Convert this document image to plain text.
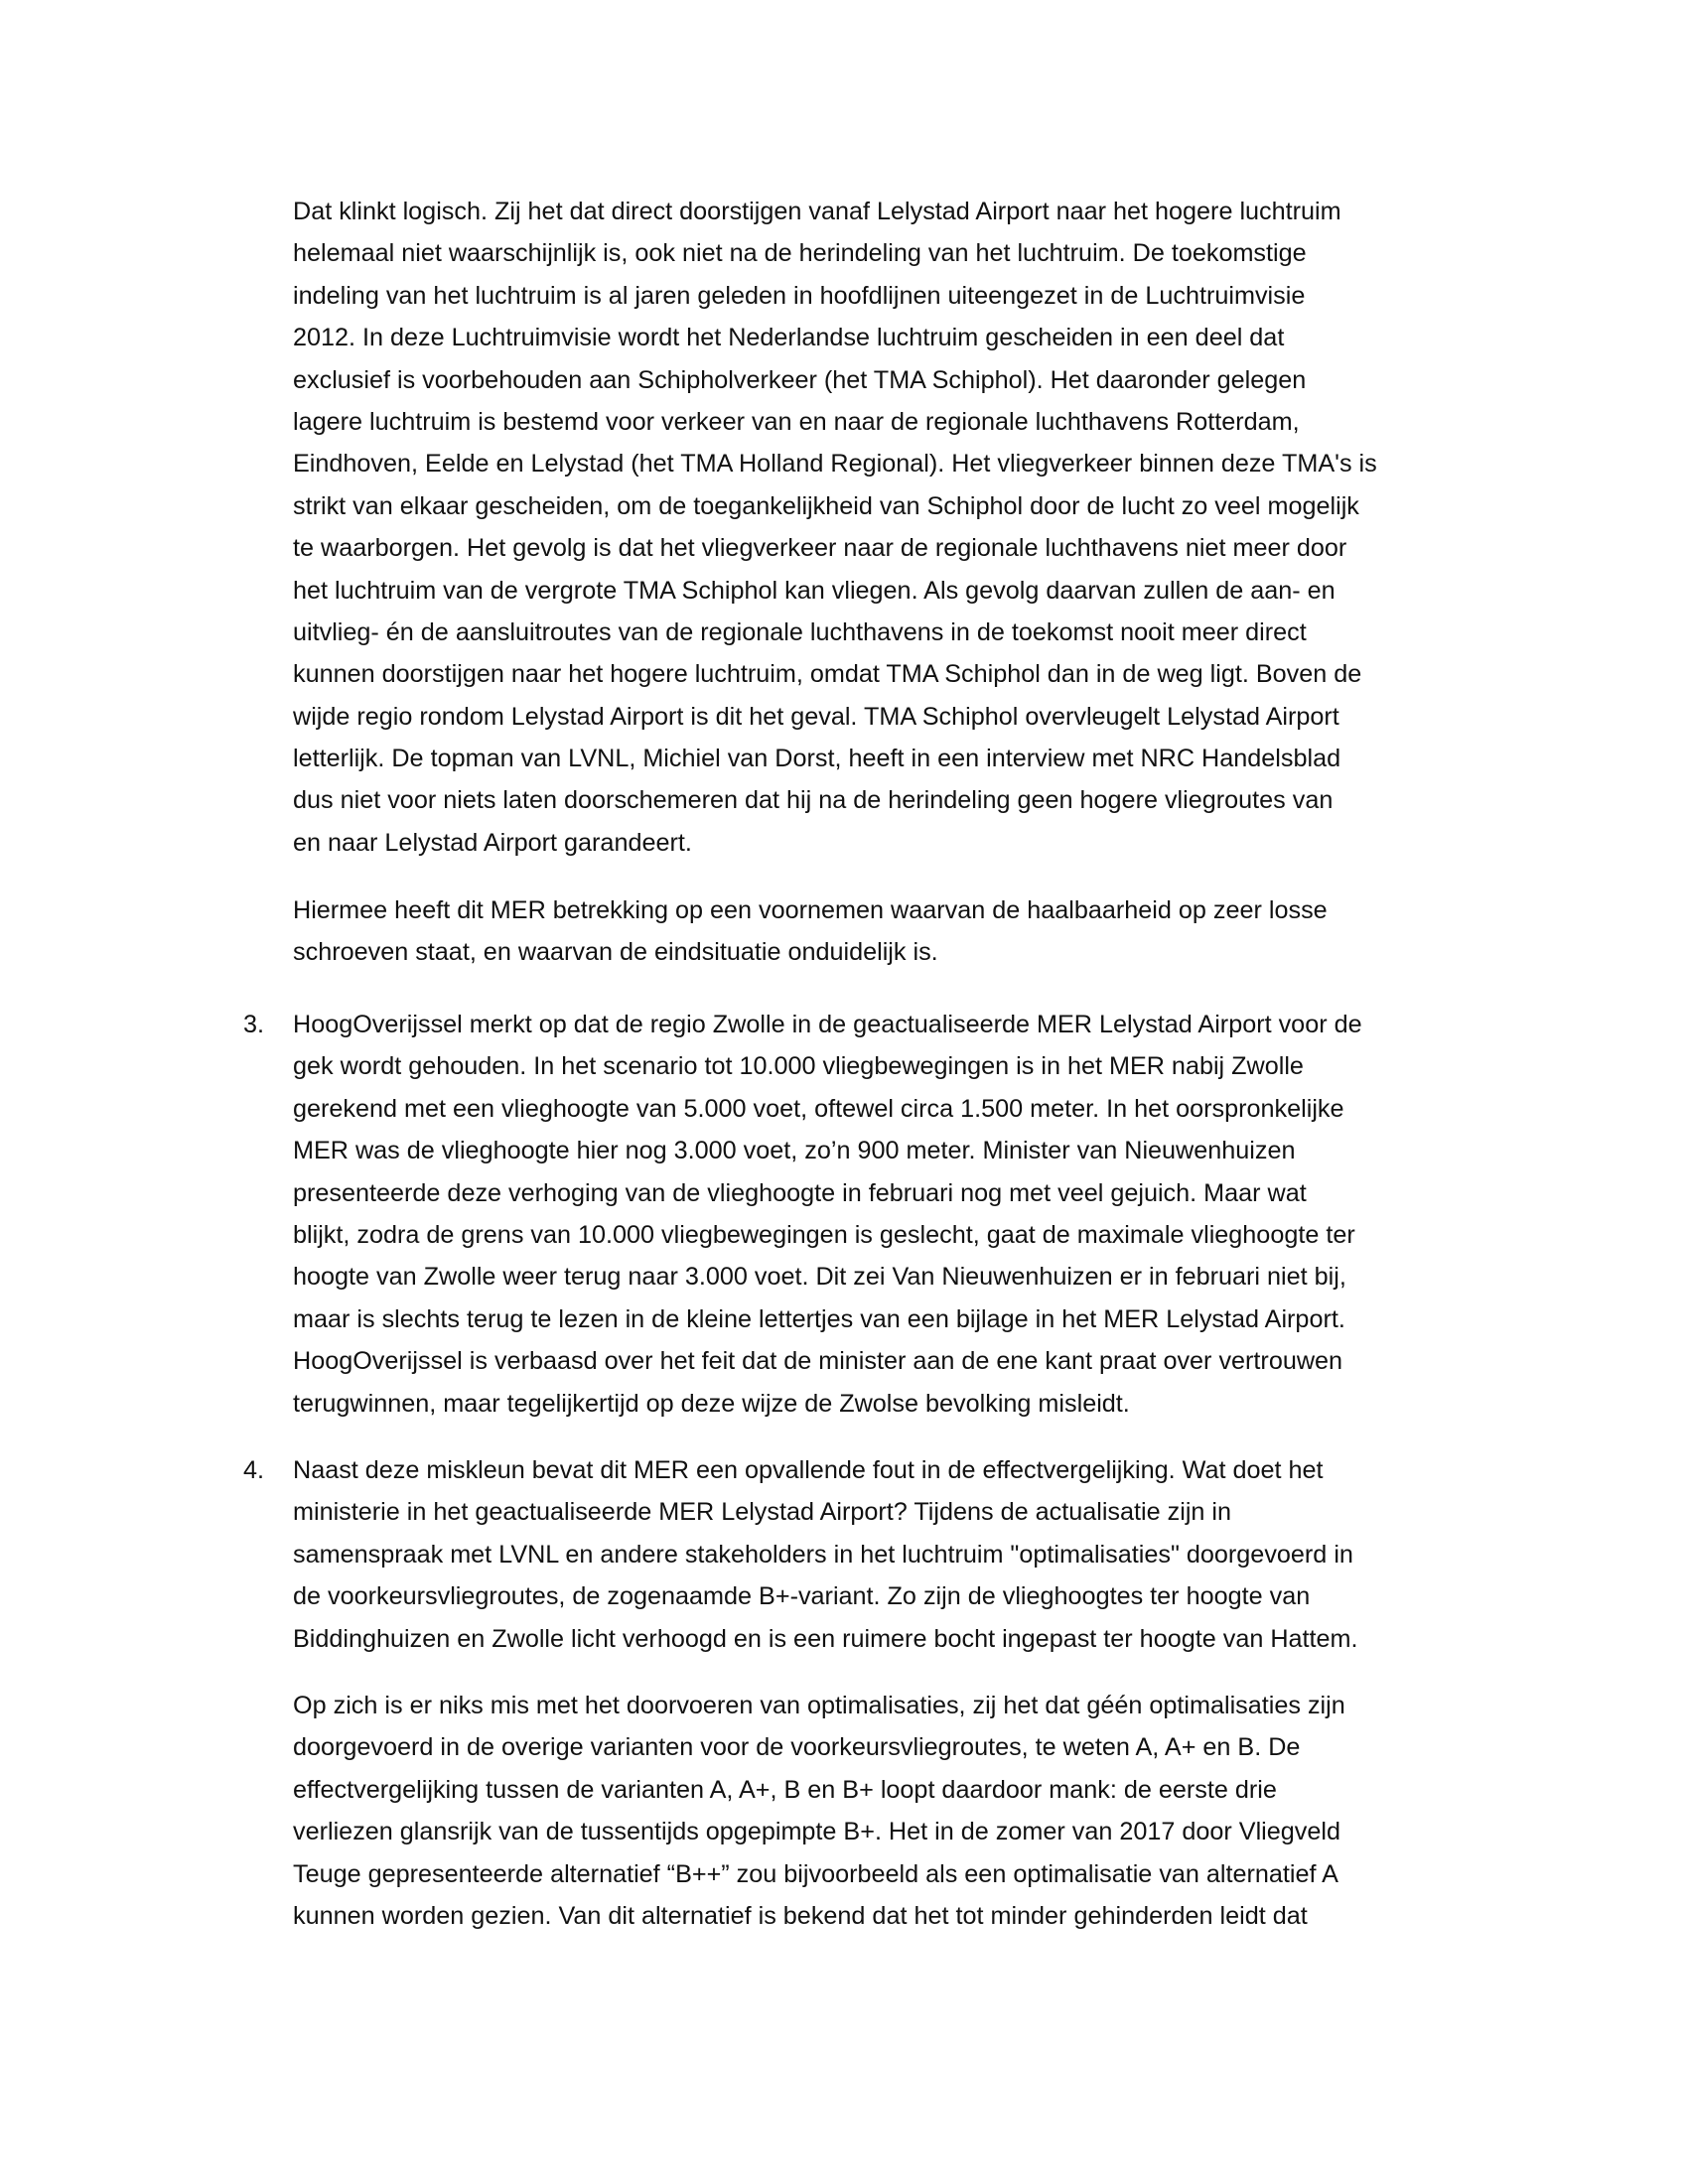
Dat klinkt logisch. Zij het dat direct doorstijgen vanaf Lelystad Airport naar het hogere luchtruim
helemaal niet waarschijnlijk is, ook niet na de herindeling van het luchtruim. De toekomstige
indeling van het luchtruim is al jaren geleden in hoofdlijnen uiteengezet in de Luchtruimvisie
2012. In deze Luchtruimvisie wordt het Nederlandse luchtruim gescheiden in een deel dat
exclusief is voorbehouden aan Schipholverkeer (het TMA Schiphol). Het daaronder gelegen
lagere luchtruim is bestemd voor verkeer van en naar de regionale luchthavens Rotterdam,
Eindhoven, Eelde en Lelystad (het TMA Holland Regional). Het vliegverkeer binnen deze TMA's is
strikt van elkaar gescheiden, om de toegankelijkheid van Schiphol door de lucht zo veel mogelijk
te waarborgen. Het gevolg is dat het vliegverkeer naar de regionale luchthavens niet meer door
het luchtruim van de vergrote TMA Schiphol kan vliegen. Als gevolg daarvan zullen de aan- en
uitvlieg- én de aansluitroutes van de regionale luchthavens in de toekomst nooit meer direct
kunnen doorstijgen naar het hogere luchtruim, omdat TMA Schiphol dan in de weg ligt. Boven de
wijde regio rondom Lelystad Airport is dit het geval. TMA Schiphol overvleugelt Lelystad Airport
letterlijk. De topman van LVNL, Michiel van Dorst, heeft in een interview met NRC Handelsblad
dus niet voor niets laten doorschemeren dat hij na de herindeling geen hogere vliegroutes van
en naar Lelystad Airport garandeert.
Hiermee heeft dit MER betrekking op een voornemen waarvan de haalbaarheid op zeer losse
schroeven staat, en waarvan de eindsituatie onduidelijk is.
3.	HoogOverijssel merkt op dat de regio Zwolle in de geactualiseerde MER Lelystad Airport voor de
gek wordt gehouden. In het scenario tot 10.000 vliegbewegingen is in het MER nabij Zwolle
gerekend met een vlieghoogte van 5.000 voet, oftewel circa 1.500 meter. In het oorspronkelijke
MER was de vlieghoogte hier nog 3.000 voet, zo’n 900 meter. Minister van Nieuwenhuizen
presenteerde deze verhoging van de vlieghoogte in februari nog met veel gejuich. Maar wat
blijkt, zodra de grens van 10.000 vliegbewegingen is geslecht, gaat de maximale vlieghoogte ter
hoogte van Zwolle weer terug naar 3.000 voet. Dit zei Van Nieuwenhuizen er in februari niet bij,
maar is slechts terug te lezen in de kleine lettertjes van een bijlage in het MER Lelystad Airport.
HoogOverijssel is verbaasd over het feit dat de minister aan de ene kant praat over vertrouwen
terugwinnen, maar tegelijkertijd op deze wijze de Zwolse bevolking misleidt.
4.	Naast deze miskleun bevat dit MER een opvallende fout in de effectvergelijking. Wat doet het
ministerie in het geactualiseerde MER Lelystad Airport? Tijdens de actualisatie zijn in
samenspraak met LVNL en andere stakeholders in het luchtruim "optimalisaties" doorgevoerd in
de voorkeursvliegroutes, de zogenaamde B+-variant. Zo zijn de vlieghoogtes ter hoogte van
Biddinghuizen en Zwolle licht verhoogd en is een ruimere bocht ingepast ter hoogte van Hattem.
Op zich is er niks mis met het doorvoeren van optimalisaties, zij het dat géén optimalisaties zijn
doorgevoerd in de overige varianten voor de voorkeursvliegroutes, te weten A, A+ en B. De
effectvergelijking tussen de varianten A, A+, B en B+ loopt daardoor mank: de eerste drie
verliezen glansrijk van de tussentijds opgepimpte B+. Het in de zomer van 2017 door Vliegveld
Teuge gepresenteerde alternatief “B++” zou bijvoorbeeld als een optimalisatie van alternatief A
kunnen worden gezien. Van dit alternatief is bekend dat het tot minder gehinderden leidt dat
